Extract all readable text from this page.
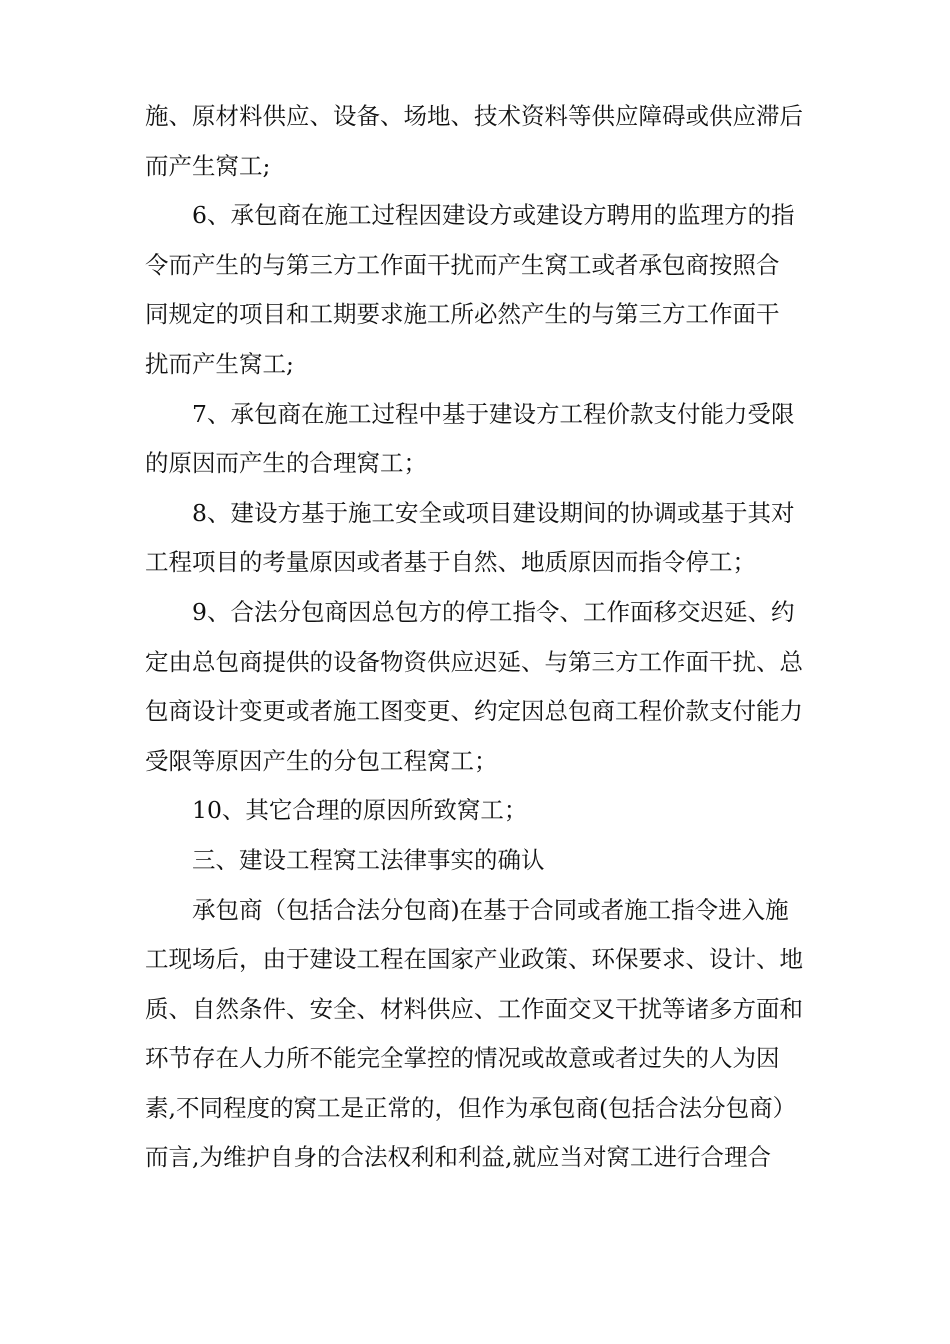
施、原材料供应、设备、场地、技术资料等供应障碍或供应滞后
而产生窝工;
6、承包商在施工过程因建设方或建设方聘用的监理方的指
令而产生的与第三方工作面干扰而产生窝工或者承包商按照合
同规定的项目和工期要求施工所必然产生的与第三方工作面干
扰而产生窝工;
7、承包商在施工过程中基于建设方工程价款支付能力受限
的原因而产生的合理窝工；
8、建设方基于施工安全或项目建设期间的协调或基于其对
工程项目的考量原因或者基于自然、地质原因而指令停工；
9、合法分包商因总包方的停工指令、工作面移交迟延、约
定由总包商提供的设备物资供应迟延、与第三方工作面干扰、总
包商设计变更或者施工图变更、约定因总包商工程价款支付能力
受限等原因产生的分包工程窝工；
10、其它合理的原因所致窝工；
三、建设工程窝工法律事实的确认
承包商（包括合法分包商)在基于合同或者施工指令进入施
工现场后，由于建设工程在国家产业政策、环保要求、设计、地
质、自然条件、安全、材料供应、工作面交叉干扰等诸多方面和
环节存在人力所不能完全掌控的情况或故意或者过失的人为因
素,不同程度的窝工是正常的，但作为承包商(包括合法分包商）
而言,为维护自身的合法权利和利益,就应当对窝工进行合理合
